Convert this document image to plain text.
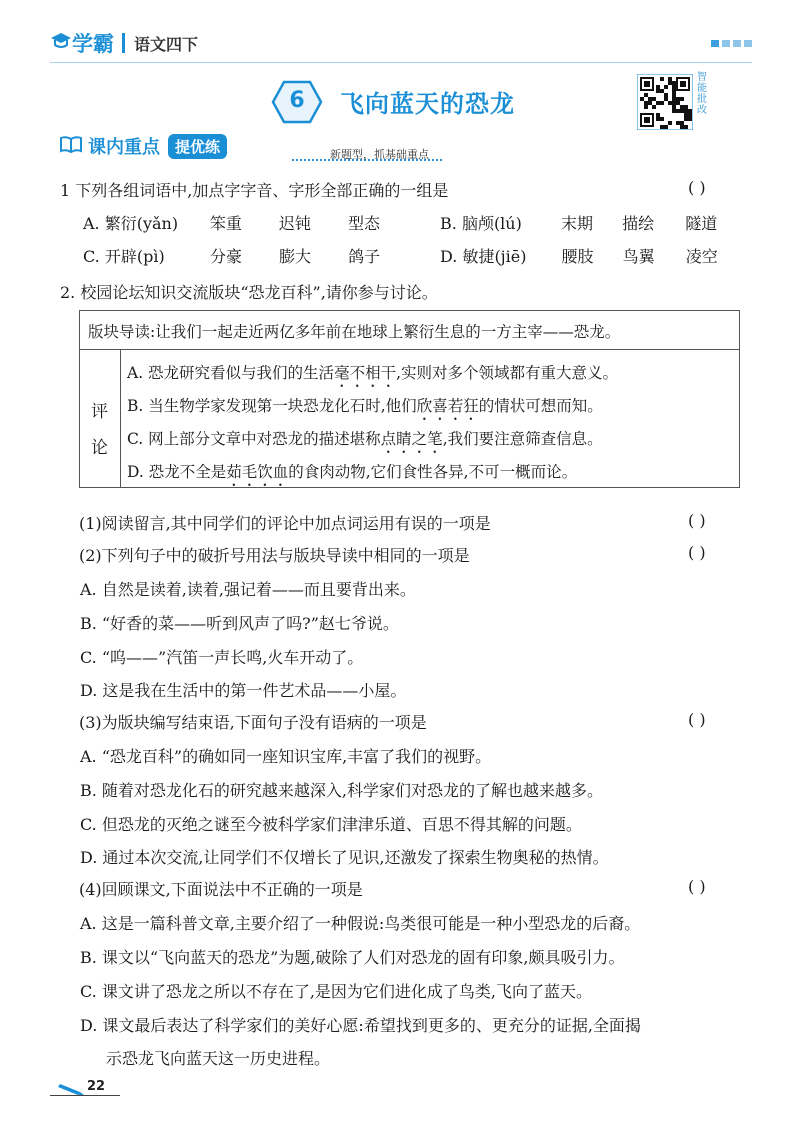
学霸 语文四下
6	飞向蓝天的恐龙
智能批改
课内重点	提优练	新题型，抓基础重点
1 下列各组词语中,加点字字音、字形全部正确的一组是	( )
A. 繁衍(yǎn) 笨重 迟钝 型态	B. 脑颅(lú) 末期 描绘 隧道
C. 开辟(pì)	分豪 膨大 鸽子	D. 敏捷(jiē) 腰肢 鸟翼 凌空
2. 校园论坛知识交流版块“恐龙百科”,请你参与讨论。
版块导读:让我们一起走近两亿多年前在地球上繁衍生息的一方主宰——恐龙。
评
论
A. 恐龙研究看似与我们的生活毫不相干,实则对多个领域都有重大意义。
B. 当生物学家发现第一块恐龙化石时,他们欣喜若狂的情状可想而知。
C. 网上部分文章中对恐龙的描述堪称点睛之笔,我们要注意筛查信息。
D. 恐龙不全是茹毛饮血的食肉动物,它们食性各异,不可一概而论。
(1)阅读留言,其中同学们的评论中加点词运用有误的一项是	( )
(2)下列句子中的破折号用法与版块导读中相同的一项是	( )
A. 自然是读着,读着,强记着——而且要背出来。
B. “好香的菜——听到风声了吗?”赵七爷说。
C. “呜——”汽笛一声长鸣,火车开动了。
D. 这是我在生活中的第一件艺术品——小屋。
(3)为版块编写结束语,下面句子没有语病的一项是	( )
A. “恐龙百科”的确如同一座知识宝库,丰富了我们的视野。
B. 随着对恐龙化石的研究越来越深入,科学家们对恐龙的了解也越来越多。
C. 但恐龙的灭绝之谜至今被科学家们津津乐道、百思不得其解的问题。
D. 通过本次交流,让同学们不仅增长了见识,还激发了探索生物奥秘的热情。
(4)回顾课文,下面说法中不正确的一项是	( )
A. 这是一篇科普文章,主要介绍了一种假说:鸟类很可能是一种小型恐龙的后裔。
B. 课文以“飞向蓝天的恐龙”为题,破除了人们对恐龙的固有印象,颇具吸引力。
C. 课文讲了恐龙之所以不存在了,是因为它们进化成了鸟类,飞向了蓝天。
D. 课文最后表达了科学家们的美好心愿:希望找到更多的、更充分的证据,全面揭
示恐龙飞向蓝天这一历史进程。
22
